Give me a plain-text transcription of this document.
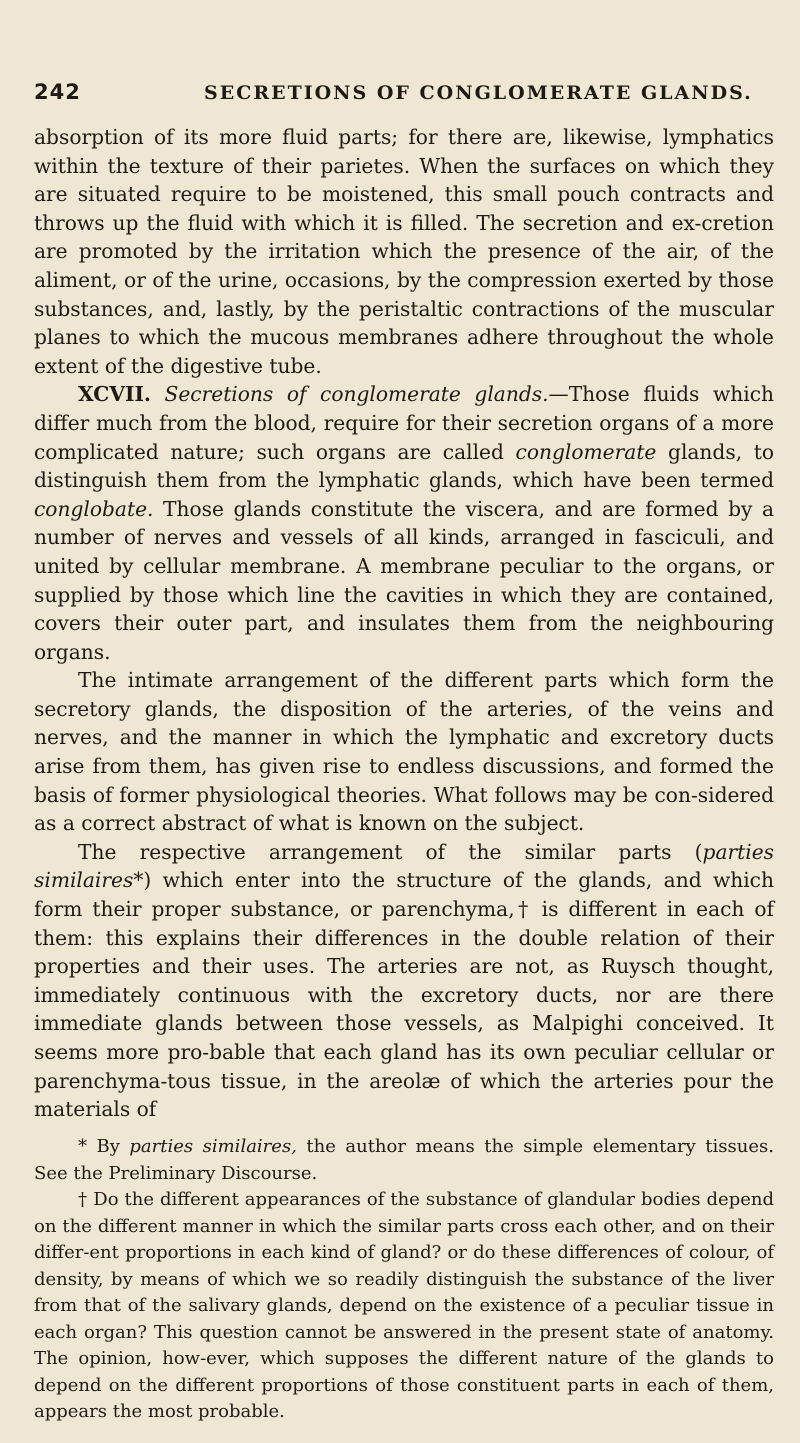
242	SECRETIONS OF CONGLOMERATE GLANDS.

absorption of its more fluid parts; for there are, likewise, lymphatics within the texture of their parietes. When the surfaces on which they are situated require to be moistened, this small pouch contracts and throws up the fluid with which it is filled. The secretion and ex-cretion are promoted by the irritation which the presence of the air, of the aliment, or of the urine, occasions, by the compression exerted by those substances, and, lastly, by the peristaltic contractions of the muscular planes to which the mucous membranes adhere throughout the whole extent of the digestive tube.

XCVII. Secretions of conglomerate glands.—Those fluids which differ much from the blood, require for their secretion organs of a more complicated nature; such organs are called conglomerate glands, to distinguish them from the lymphatic glands, which have been termed conglobate. Those glands constitute the viscera, and are formed by a number of nerves and vessels of all kinds, arranged in fasciculi, and united by cellular membrane. A membrane peculiar to the organs, or supplied by those which line the cavities in which they are contained, covers their outer part, and insulates them from the neighbouring organs.

The intimate arrangement of the different parts which form the secretory glands, the disposition of the arteries, of the veins and nerves, and the manner in which the lymphatic and excretory ducts arise from them, has given rise to endless discussions, and formed the basis of former physiological theories. What follows may be con-sidered as a correct abstract of what is known on the subject.

The respective arrangement of the similar parts (parties similaires*) which enter into the structure of the glands, and which form their proper substance, or parenchyma,† is different in each of them: this explains their differences in the double relation of their properties and their uses. The arteries are not, as Ruysch thought, immediately continuous with the excretory ducts, nor are there immediate glands between those vessels, as Malpighi conceived. It seems more pro-bable that each gland has its own peculiar cellular or parenchyma-tous tissue, in the areolæ of which the arteries pour the materials of

* By parties similaires, the author means the simple elementary tissues. See the Preliminary Discourse.

† Do the different appearances of the substance of glandular bodies depend on the different manner in which the similar parts cross each other, and on their differ-ent proportions in each kind of gland? or do these differences of colour, of density, by means of which we so readily distinguish the substance of the liver from that of the salivary glands, depend on the existence of a peculiar tissue in each organ? This question cannot be answered in the present state of anatomy. The opinion, how-ever, which supposes the different nature of the glands to depend on the different proportions of those constituent parts in each of them, appears the most probable.
